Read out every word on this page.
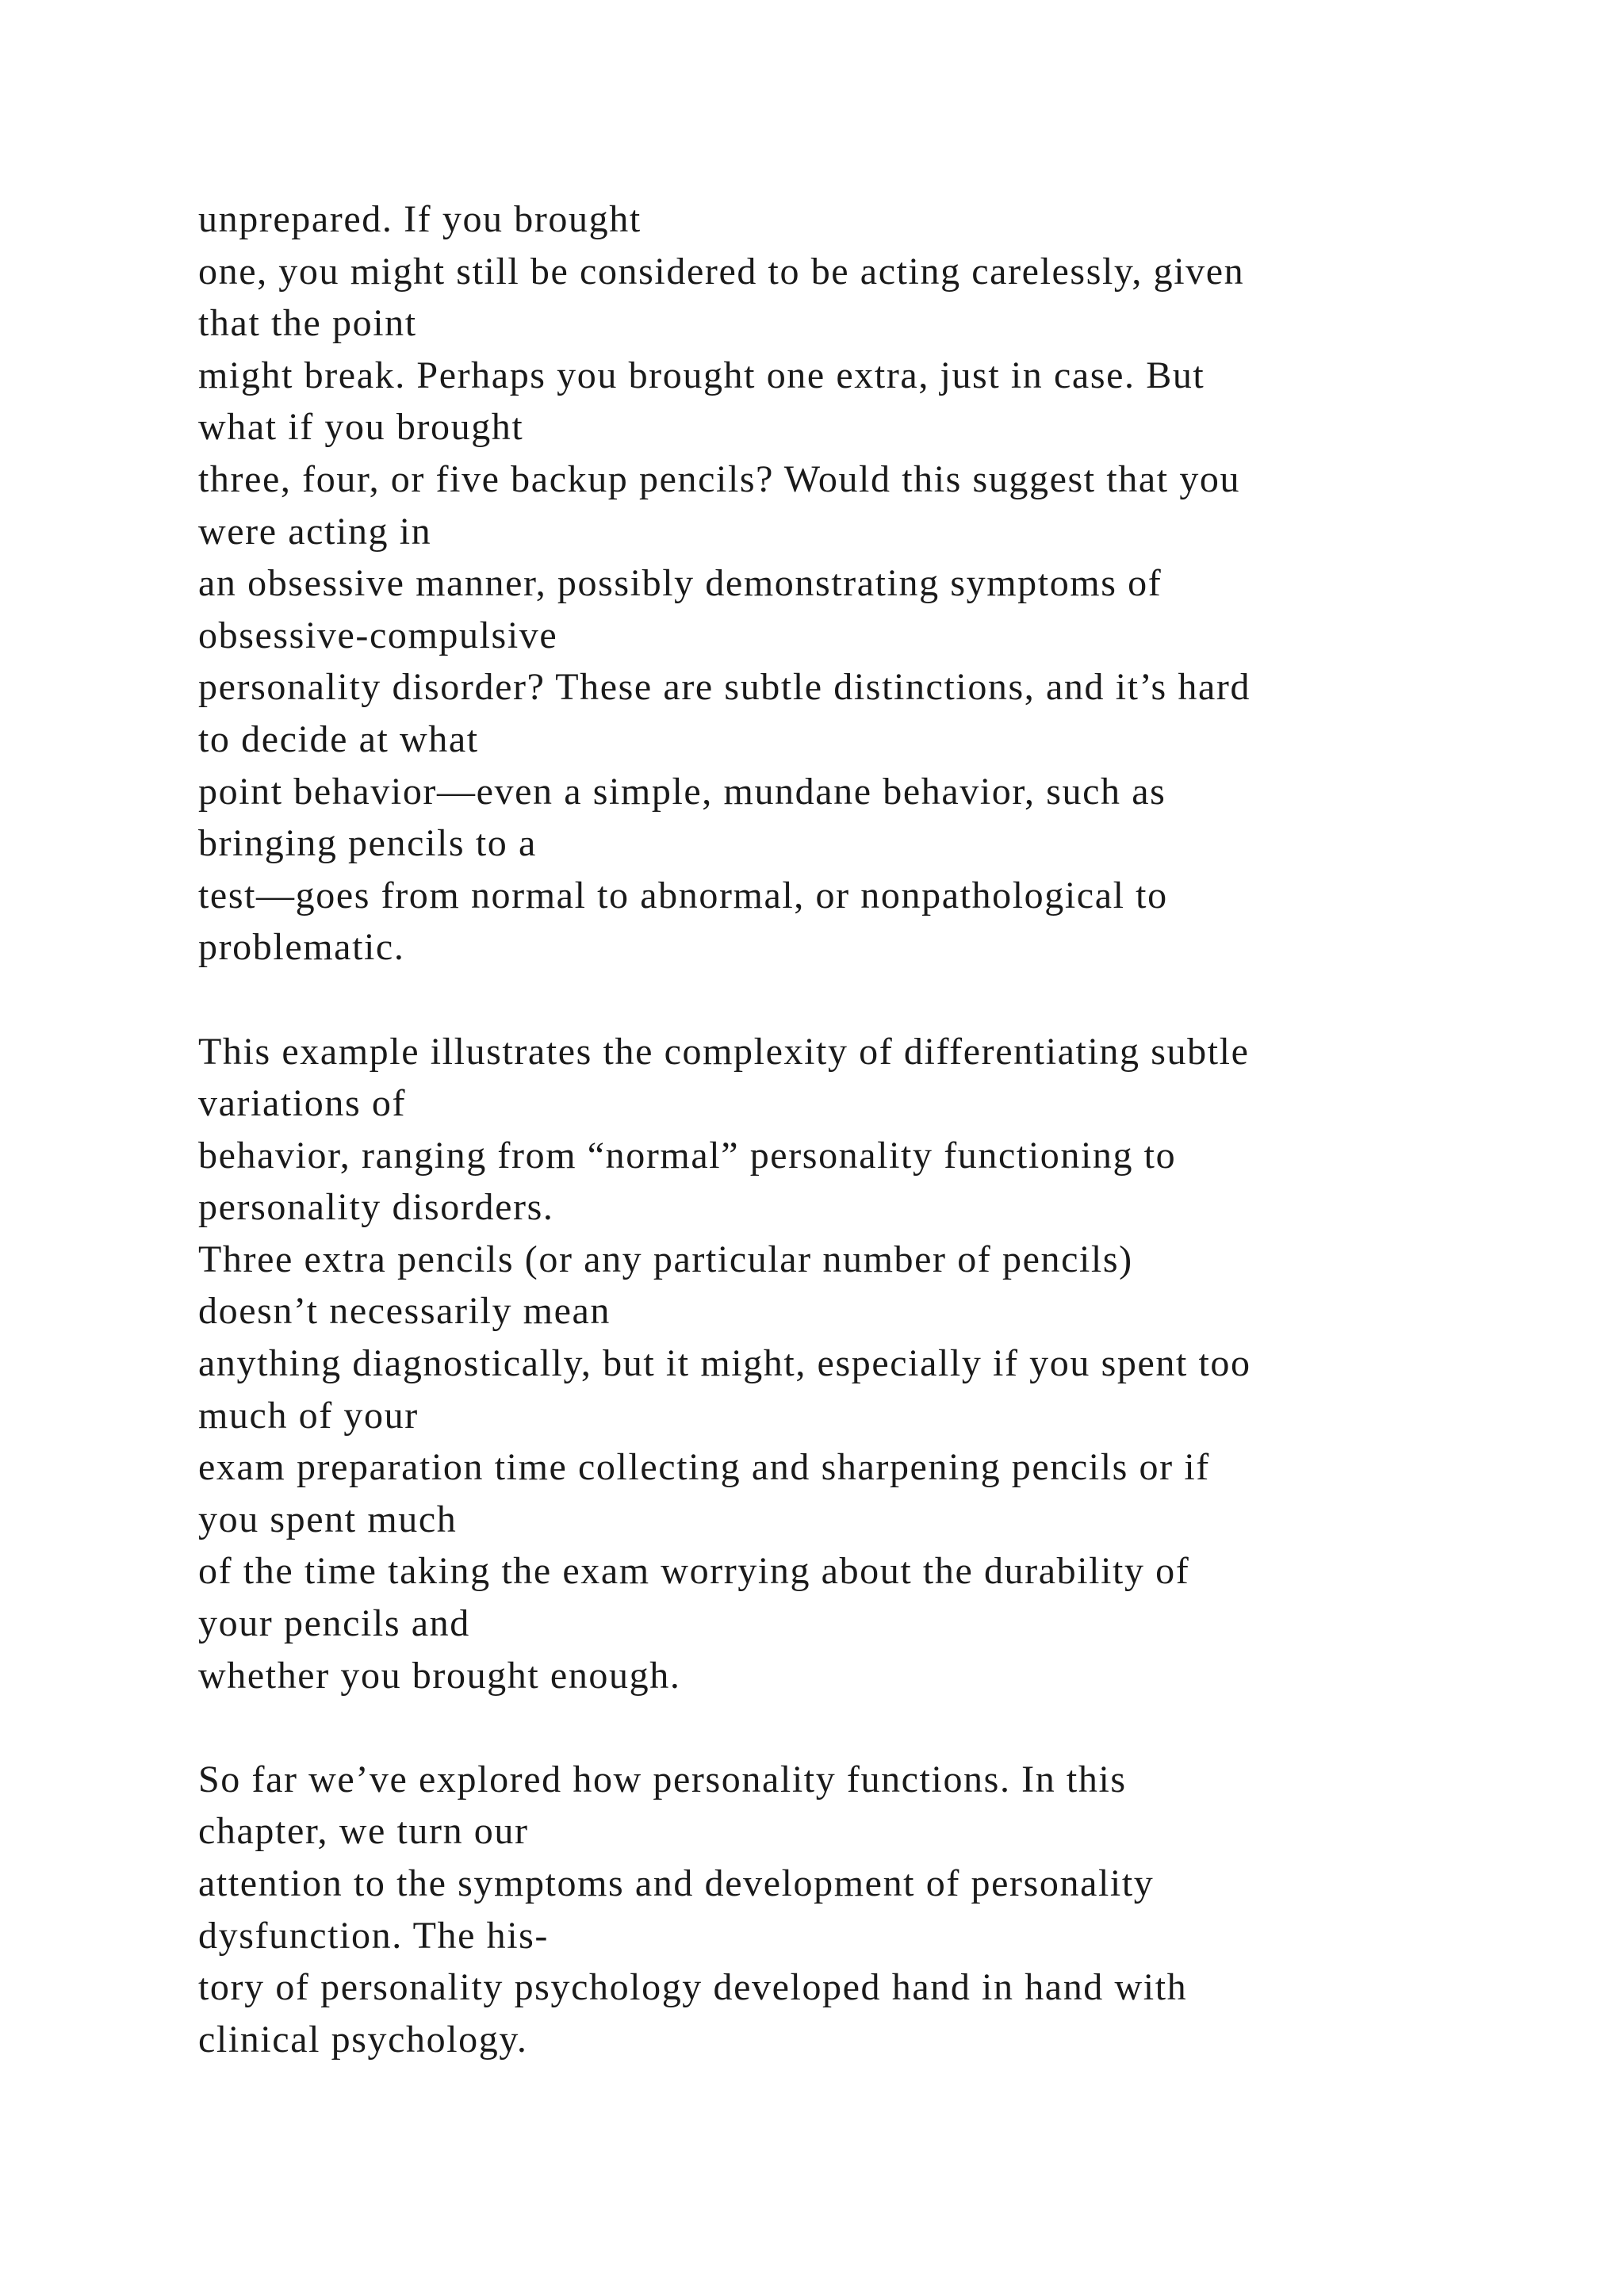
unprepared. If you brought
one, you might still be considered to be acting carelessly, given
that the point
might break. Perhaps you brought one extra, just in case. But
what if you brought
three, four, or five backup pencils? Would this suggest that you
were acting in
an obsessive manner, possibly demonstrating symptoms of
obsessive-compulsive
personality disorder? These are subtle distinctions, and it’s hard
to decide at what
point behavior—even a simple, mundane behavior, such as
bringing pencils to a
test—goes from normal to abnormal, or nonpathological to
problematic.
This example illustrates the complexity of differentiating subtle
variations of
behavior, ranging from “normal” personality functioning to
personality disorders.
Three extra pencils (or any particular number of pencils)
doesn’t necessarily mean
anything diagnostically, but it might, especially if you spent too
much of your
exam preparation time collecting and sharpening pencils or if
you spent much
of the time taking the exam worrying about the durability of
your pencils and
whether you brought enough.
So far we’ve explored how personality functions. In this
chapter, we turn our
attention to the symptoms and development of personality
dysfunction. The his-
tory of personality psychology developed hand in hand with
clinical psychology.
